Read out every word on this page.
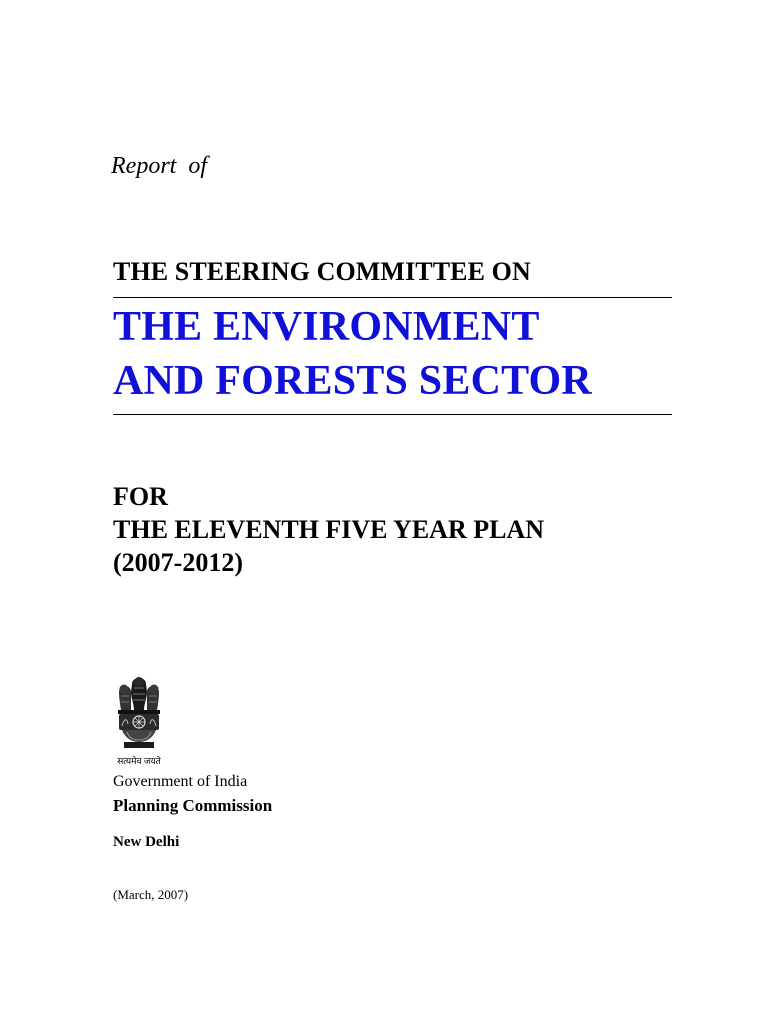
Report  of
THE STEERING COMMITTEE ON
THE ENVIRONMENT
AND FORESTS SECTOR
FOR
THE ELEVENTH FIVE YEAR PLAN
(2007-2012)
सत्यमेव जयते
Government of India
Planning Commission
New Delhi
(March, 2007)
